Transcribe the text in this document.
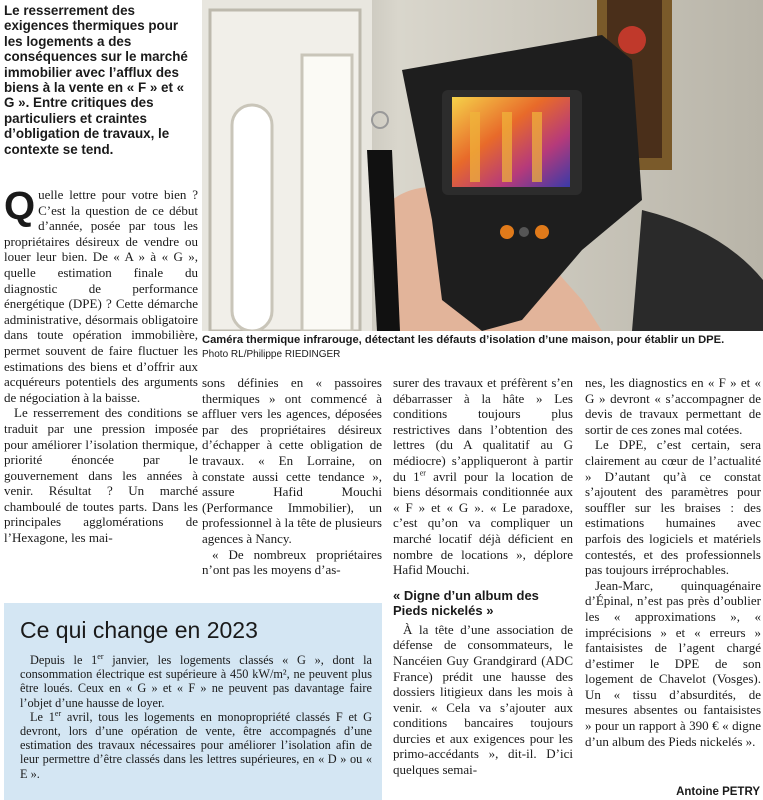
Le resserrement des exigences thermiques pour les logements a des conséquences sur le marché immobilier avec l’afflux des biens à la vente en « F » et « G ». Entre critiques des particuliers et craintes d’obligation de travaux, le contexte se tend.

Quelle lettre pour votre bien ? C’est la question de ce début d’année, posée par tous les propriétaires désireux de vendre ou louer leur bien. De « A » à « G », quelle estimation finale du diagnostic de performance énergétique (DPE) ? Cette démarche administrative, désormais obligatoire dans toute opération immobilière, permet souvent de faire fluctuer les estimations des biens et d’offrir aux acquéreurs potentiels des arguments de négociation à la baisse.

Le resserrement des conditions se traduit par une pression imposée pour améliorer l’isolation thermique, priorité énoncée par le gouvernement dans les années à venir. Résultat ? Un marché chamboulé de toutes parts. Dans les principales agglomérations de l’Hexagone, les mai-

Caméra thermique infrarouge, détectant les défauts d’isolation d’une maison, pour établir un DPE. Photo RL/Philippe RIEDINGER

sons définies en « passoires thermiques » ont commencé à affluer vers les agences, déposées par des propriétaires désireux d’échapper à cette obligation de travaux. « En Lorraine, on constate aussi cette tendance », assure Hafid Mouchi (Performance Immobilier), un professionnel à la tête de plusieurs agences à Nancy.

« De nombreux propriétaires n’ont pas les moyens d’as-

surer des travaux et préfèrent s’en débarrasser à la hâte » Les conditions toujours plus restrictives dans l’obtention des lettres (du A qualitatif au G médiocre) s’appliqueront à partir du 1er avril pour la location de biens désormais conditionnée aux « F » et « G ». « Le paradoxe, c’est qu’on va compliquer un marché locatif déjà déficient en nombre de locations », déplore Hafid Mouchi.

« Digne d’un album des Pieds nickelés »

À la tête d’une association de défense de consommateurs, le Nancéien Guy Grandgirard (ADC France) prédit une hausse des dossiers litigieux dans les mois à venir. « Cela va s’ajouter aux conditions bancaires toujours durcies et aux exigences pour les primo-accédants », dit-il. D’ici quelques semai-

nes, les diagnostics en « F » et « G » devront « s’accompagner de devis de travaux permettant de sortir de ces zones mal cotées.

Le DPE, c’est certain, sera clairement au cœur de l’actualité » D’autant qu’à ce constat s’ajoutent des paramètres pour souffler sur les braises : des estimations humaines avec parfois des logiciels et matériels contestés, et des professionnels pas toujours irréprochables.

Jean-Marc, quinquagénaire d’Épinal, n’est pas près d’oublier les « approximations », « imprécisions » et « erreurs » fantaisistes de l’agent chargé d’estimer le DPE de son logement de Chavelot (Vosges). Un « tissu d’absurdités, de mesures absentes ou fantaisistes » pour un rapport à 390 € « digne d’un album des Pieds nickelés ».

Antoine PETRY
Ce qui change en 2023

Depuis le 1er janvier, les logements classés « G », dont la consommation électrique est supérieure à 450 kW/m², ne peuvent plus être loués. Ceux en « G » et « F » ne peuvent pas davantage faire l’objet d’une hausse de loyer.

Le 1er avril, tous les logements en monopropriété classés F et G devront, lors d’une opération de vente, être accompagnés d’une estimation des travaux nécessaires pour améliorer l’isolation afin de leur permettre d’être classés dans les lettres supérieures, en « D » ou « E ».
